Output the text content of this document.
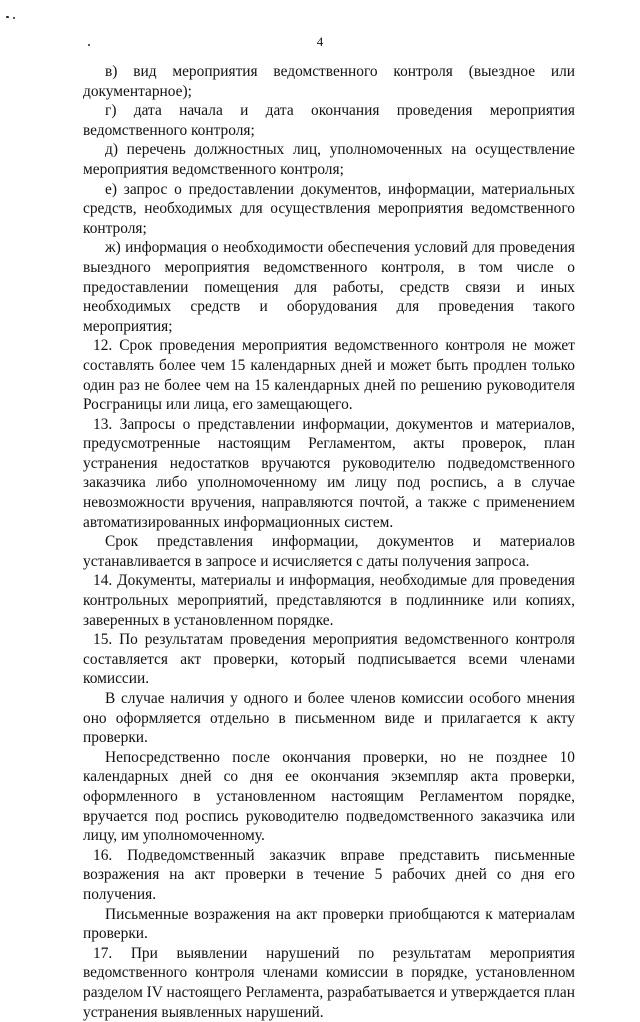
4

в) вид мероприятия ведомственного контроля (выездное или документарное);

г) дата начала и дата окончания проведения мероприятия ведомственного контроля;

д) перечень должностных лиц, уполномоченных на осуществление мероприятия ведомственного контроля;

е) запрос о предоставлении документов, информации, материальных средств, необходимых для осуществления мероприятия ведомственного контроля;

ж) информация о необходимости обеспечения условий для проведения выездного мероприятия ведомственного контроля, в том числе о предоставлении помещения для работы, средств связи и иных необходимых средств и оборудования для проведения такого мероприятия;

12. Срок проведения мероприятия ведомственного контроля не может составлять более чем 15 календарных дней и может быть продлен только один раз не более чем на 15 календарных дней по решению руководителя Росграницы или лица, его замещающего.

13. Запросы о представлении информации, документов и материалов, предусмотренные настоящим Регламентом, акты проверок, план устранения недостатков вручаются руководителю подведомственного заказчика либо уполномоченному им лицу под роспись, а в случае невозможности вручения, направляются почтой, а также с применением автоматизированных информационных систем.

Срок представления информации, документов и материалов устанавливается в запросе и исчисляется с даты получения запроса.

14. Документы, материалы и информация, необходимые для проведения контрольных мероприятий, представляются в подлиннике или копиях, заверенных в установленном порядке.

15. По результатам проведения мероприятия ведомственного контроля составляется акт проверки, который подписывается всеми членами комиссии.

В случае наличия у одного и более членов комиссии особого мнения оно оформляется отдельно в письменном виде и прилагается к акту проверки.

Непосредственно после окончания проверки, но не позднее 10 календарных дней со дня ее окончания экземпляр акта проверки, оформленного в установленном настоящим Регламентом порядке, вручается под роспись руководителю подведомственного заказчика или лицу, им уполномоченному.

16. Подведомственный заказчик вправе представить письменные возражения на акт проверки в течение 5 рабочих дней со дня его получения.

Письменные возражения на акт проверки приобщаются к материалам проверки.

17. При выявлении нарушений по результатам мероприятия ведомственного контроля членами комиссии в порядке, установленном разделом IV настоящего Регламента, разрабатывается и утверждается план устранения выявленных нарушений.
